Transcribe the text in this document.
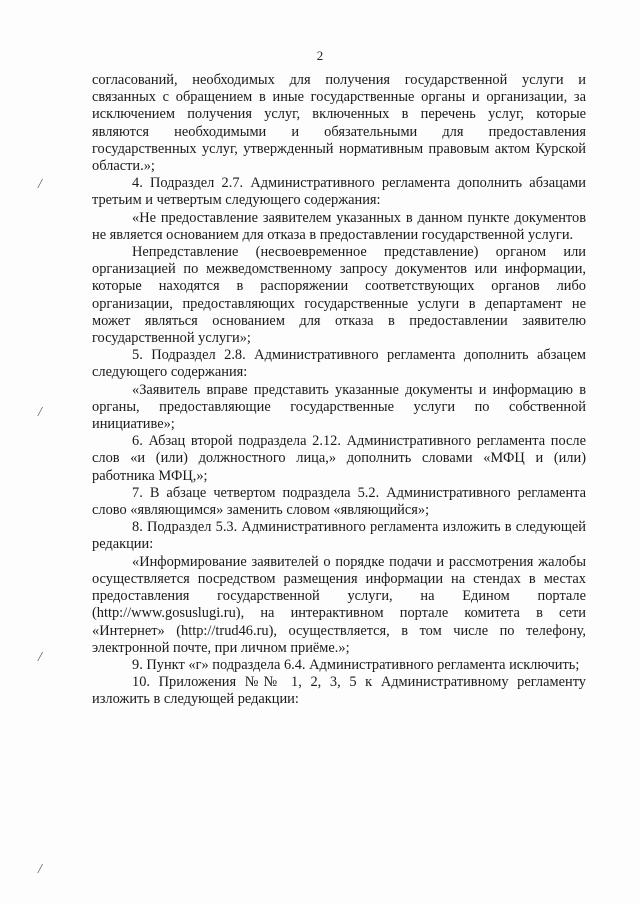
2
/
/
/
/

согласований, необходимых для получения государственной услуги и связанных с обращением в иные государственные органы и организации, за исключением получения услуг, включенных в перечень услуг, которые являются необходимыми и обязательными для предоставления государственных услуг, утвержденный нормативным правовым актом Курской области.»;

4. Подраздел 2.7. Административного регламента дополнить абзацами третьим и четвертым следующего содержания:

«Не предоставление заявителем указанных в данном пункте документов не является основанием для отказа в предоставлении государственной услуги.

Непредставление (несвоевременное представление) органом или организацией по межведомственному запросу документов или информации, которые находятся в распоряжении соответствующих органов либо организации, предоставляющих государственные услуги в департамент не может являться основанием для отказа в предоставлении заявителю государственной услуги»;

5. Подраздел 2.8. Административного регламента дополнить абзацем следующего содержания:

«Заявитель вправе представить указанные документы и информацию в органы, предоставляющие государственные услуги по собственной инициативе»;

6. Абзац второй подраздела 2.12. Административного регламента после слов «и (или) должностного лица,» дополнить словами «МФЦ и (или) работника МФЦ,»;

7. В абзаце четвертом подраздела 5.2. Административного регламента слово «являющимся» заменить словом «являющийся»;

8. Подраздел 5.3. Административного регламента изложить в следующей редакции:

«Информирование заявителей о порядке подачи и рассмотрения жалобы осуществляется посредством размещения информации на стендах в местах предоставления государственной услуги, на Едином портале (http://www.gosuslugi.ru), на интерактивном портале комитета в сети «Интернет» (http://trud46.ru), осуществляется, в том числе по телефону, электронной почте, при личном приёме.»;

9. Пункт «г» подраздела 6.4. Административного регламента исключить;

10. Приложения №№ 1, 2, 3, 5 к Административному регламенту изложить в следующей редакции:
